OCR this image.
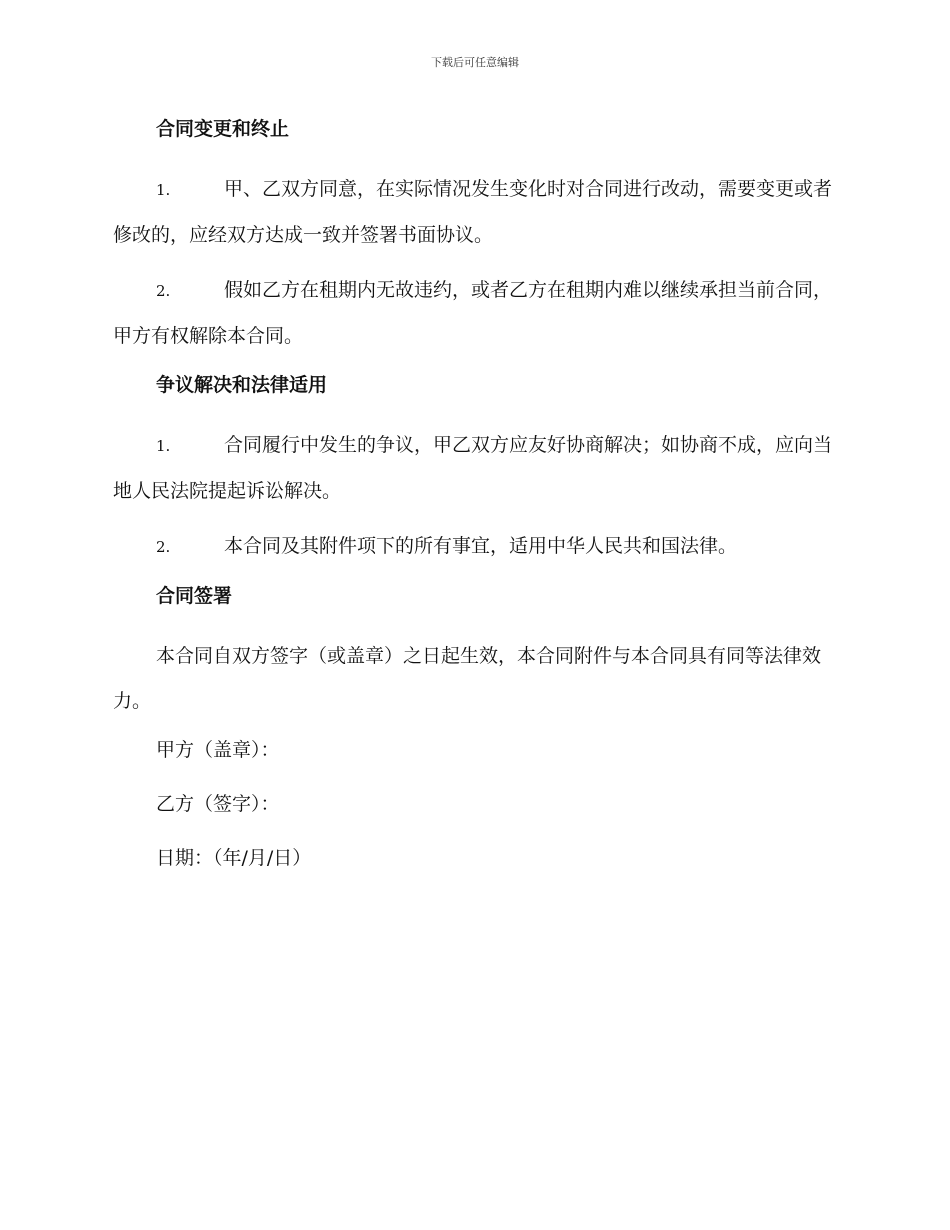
下载后可任意编辑
合同变更和终止

1.	甲、乙双方同意，在实际情况发生变化时对合同进行改动，需要变更或者修改的，应经双方达成一致并签署书面协议。

2.	假如乙方在租期内无故违约，或者乙方在租期内难以继续承担当前合同，甲方有权解除本合同。

争议解决和法律适用

1.	合同履行中发生的争议，甲乙双方应友好协商解决；如协商不成，应向当地人民法院提起诉讼解决。

2.	本合同及其附件项下的所有事宜，适用中华人民共和国法律。

合同签署

本合同自双方签字（或盖章）之日起生效，本合同附件与本合同具有同等法律效力。

甲方（盖章）：
乙方（签字）：
日期：（年/月/日）
